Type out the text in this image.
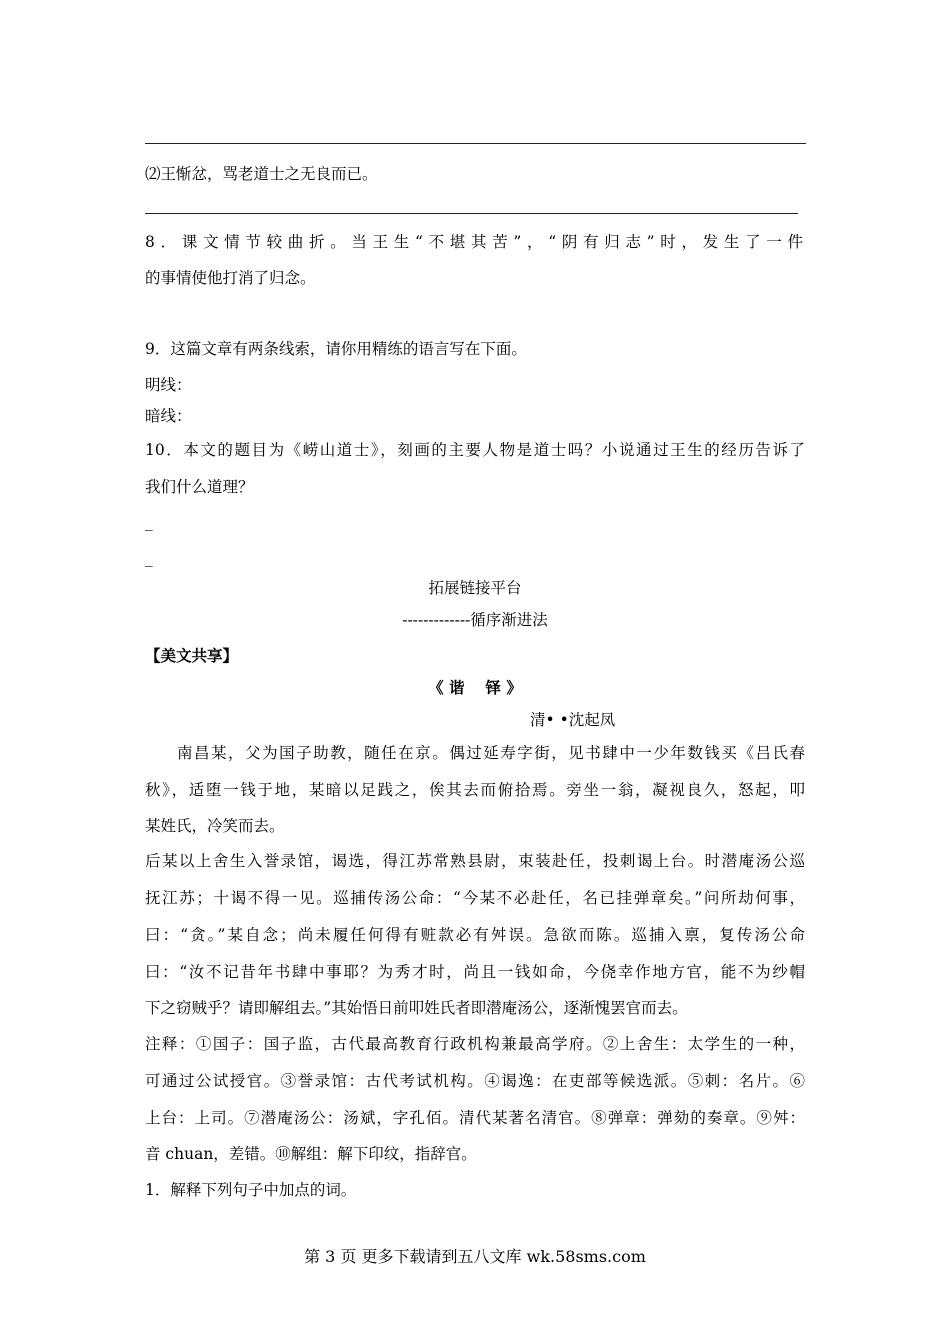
⑵王惭忿，骂老道士之无良而已。
8．课文情节较曲折。当王生“不堪其苦”，“阴有归志”时，发生了一件
的事情使他打消了归念。
9．这篇文章有两条线索，请你用精练的语言写在下面。
明线：
暗线：
10．本文的题目为《崂山道士》，刻画的主要人物是道士吗？小说通过王生的经历告诉了
我们什么道理？
_
_
拓展链接平台
-------------循序渐进法
【美文共享】
《 谐　 铎 》
清• •沈起凤
南昌某，父为国子助教，随任在京。偶过延寿字街，见书肆中一少年数钱买《吕氏春
秋》，适堕一钱于地，某暗以足践之，俟其去而俯拾焉。旁坐一翁，凝视良久，怒起，叩
某姓氏，冷笑而去。
后某以上舍生入誉录馆，谒选，得江苏常熟县尉，束装赴任，投刺谒上台。时潜庵汤公巡
抚江苏；十谒不得一见。巡捕传汤公命：“今某不必赴任，名已挂弹章矣。”问所劫何事，
曰：“贪。”某自念；尚未履任何得有赃款必有舛误。急欲而陈。巡捕入禀，复传汤公命
曰：“汝不记昔年书肆中事耶？为秀才时，尚且一钱如命，今侥幸作地方官，能不为纱帽
下之窃贼乎？请即解组去。”其始悟日前叩姓氏者即潜庵汤公，逐渐愧罢官而去。
注释：①国子：国子监，古代最高教育行政机构兼最高学府。②上舍生：太学生的一种，
可通过公试授官。③誉录馆：古代考试机构。④谒逸：在吏部等候选派。⑤刺：名片。⑥
上台：上司。⑦潜庵汤公：汤斌，字孔佰。清代某著名清官。⑧弹章：弹劾的奏章。⑨舛：
音 chuan，差错。⑩解组：解下印纹，指辞官。
1．解释下列句子中加点的词。
第 3 页 更多下载请到五八文库 wk.58sms.com
